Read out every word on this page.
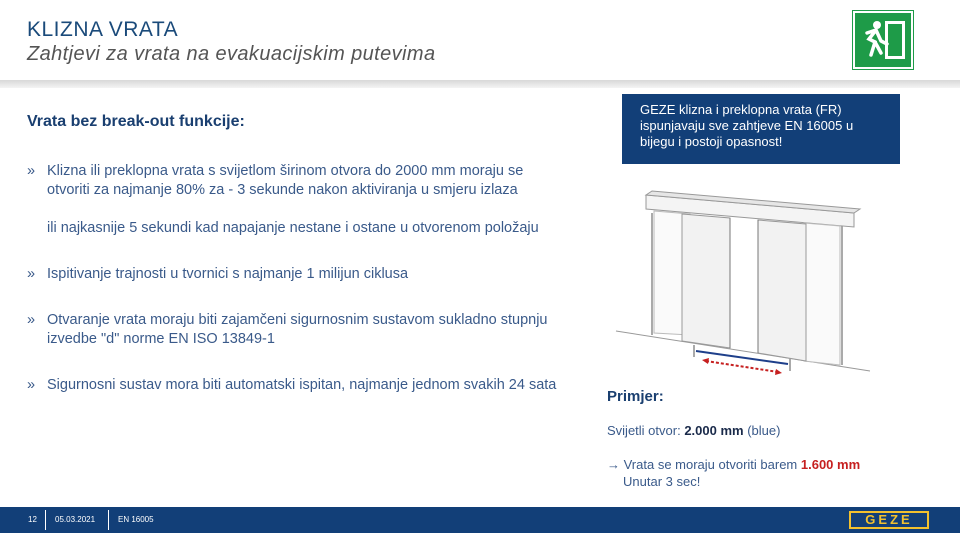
KLIZNA VRATA
Zahtjevi za vrata na evakuacijskim putevima
Vrata bez break-out funkcije:
» Klizna ili preklopna vrata s svijetlom širinom otvora do 2000 mm moraju se otvoriti za najmanje 80% za - 3 sekunde nakon aktiviranja u smjeru izlaza
ili najkasnije 5 sekundi kad napajanje nestane i ostane u otvorenom položaju
» Ispitivanje trajnosti u tvornici s najmanje 1 milijun ciklusa
» Otvaranje vrata moraju biti zajamčeni sigurnosnim sustavom sukladno stupnju izvedbe "d" norme EN ISO 13849-1
» Sigurnosni sustav mora biti automatski ispitan, najmanje jednom svakih 24 sata
GEZE klizna i preklopna vrata (FR) ispunjavaju sve zahtjeve EN 16005 u bijegu i postoji opasnost!
Primjer:
Svijetli otvor: 2.000 mm (blue)
→ Vrata se moraju otvoriti barem 1.600 mm
Unutar 3 sec!
12 05.03.2021	EN 16005	GEZE
